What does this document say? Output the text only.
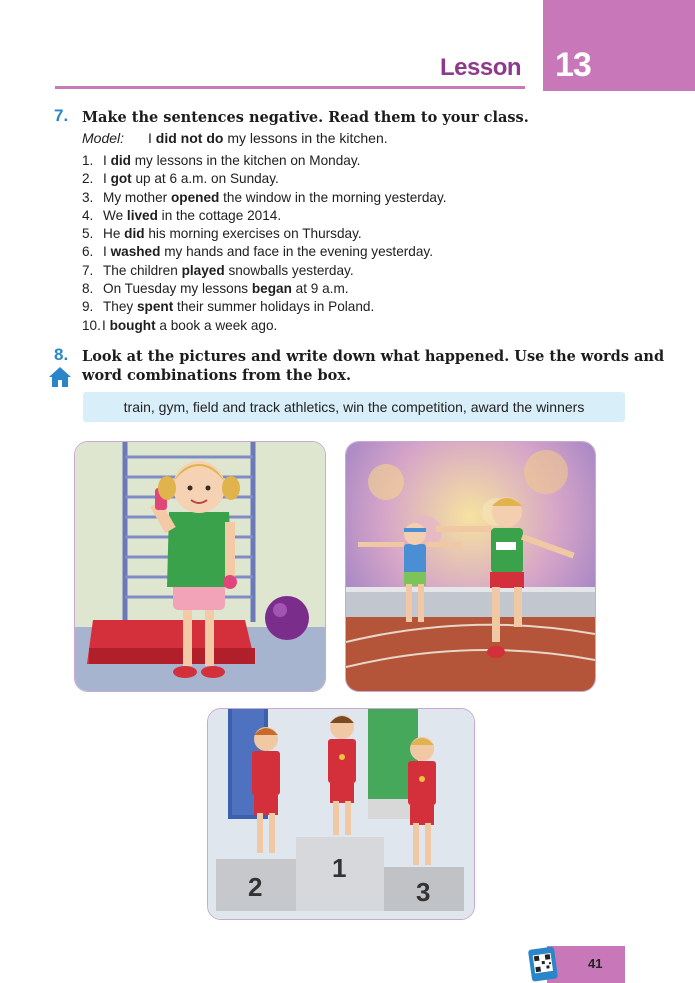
Lesson 13
7. Make the sentences negative. Read them to your class.
Model: I did not do my lessons in the kitchen.
1. I did my lessons in the kitchen on Monday.
2. I got up at 6 a.m. on Sunday.
3. My mother opened the window in the morning yesterday.
4. We lived in the cottage 2014.
5. He did his morning exercises on Thursday.
6. I washed my hands and face in the evening yesterday.
7. The children played snowballs yesterday.
8. On Tuesday my lessons began at 9 a.m.
9. They spent their summer holidays in Poland.
10.I bought a book a week ago.
8. Look at the pictures and write down what happened. Use the words and
word combinations from the box.
train, gym, field and track athletics, win the competition, award the winners
2
1
3
41
